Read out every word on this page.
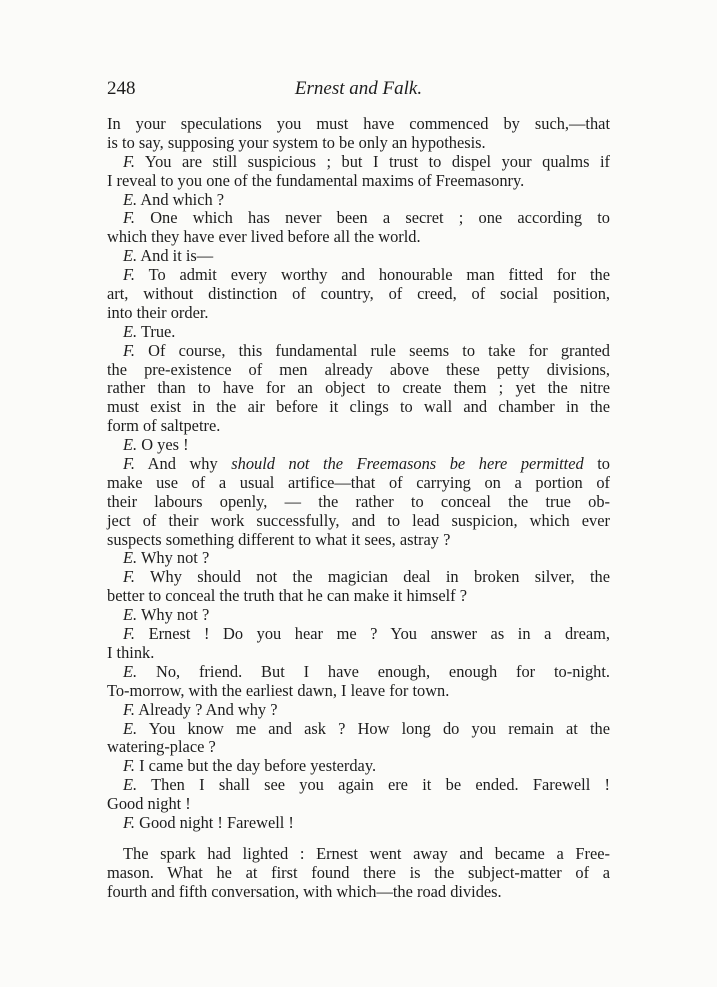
248	Ernest and Falk.
In your speculations you must have commenced by such,—that
is to say, supposing your system to be only an hypothesis.
F. You are still suspicious ; but I trust to dispel your qualms if
I reveal to you one of the fundamental maxims of Freemasonry.
E. And which ?
F. One which has never been a secret ; one according to
which they have ever lived before all the world.
E. And it is—
F. To admit every worthy and honourable man fitted for the
art, without distinction of country, of creed, of social position,
into their order.
E. True.
F. Of course, this fundamental rule seems to take for granted
the pre-existence of men already above these petty divisions,
rather than to have for an object to create them ; yet the nitre
must exist in the air before it clings to wall and chamber in the
form of saltpetre.
E. O yes !
F. And why should not the Freemasons be here permitted to
make use of a usual artifice—that of carrying on a portion of
their labours openly, — the rather to conceal the true ob-
ject of their work successfully, and to lead suspicion, which ever
suspects something different to what it sees, astray ?
E. Why not ?
F. Why should not the magician deal in broken silver, the
better to conceal the truth that he can make it himself ?
E. Why not ?
F. Ernest ! Do you hear me ? You answer as in a dream,
I think.
E. No, friend. But I have enough, enough for to-night.
To-morrow, with the earliest dawn, I leave for town.
F. Already ? And why ?
E. You know me and ask ? How long do you remain at the
watering-place ?
F. I came but the day before yesterday.
E. Then I shall see you again ere it be ended. Farewell !
Good night !
F. Good night ! Farewell !
The spark had lighted : Ernest went away and became a Free-
mason. What he at first found there is the subject-matter of a
fourth and fifth conversation, with which—the road divides.
